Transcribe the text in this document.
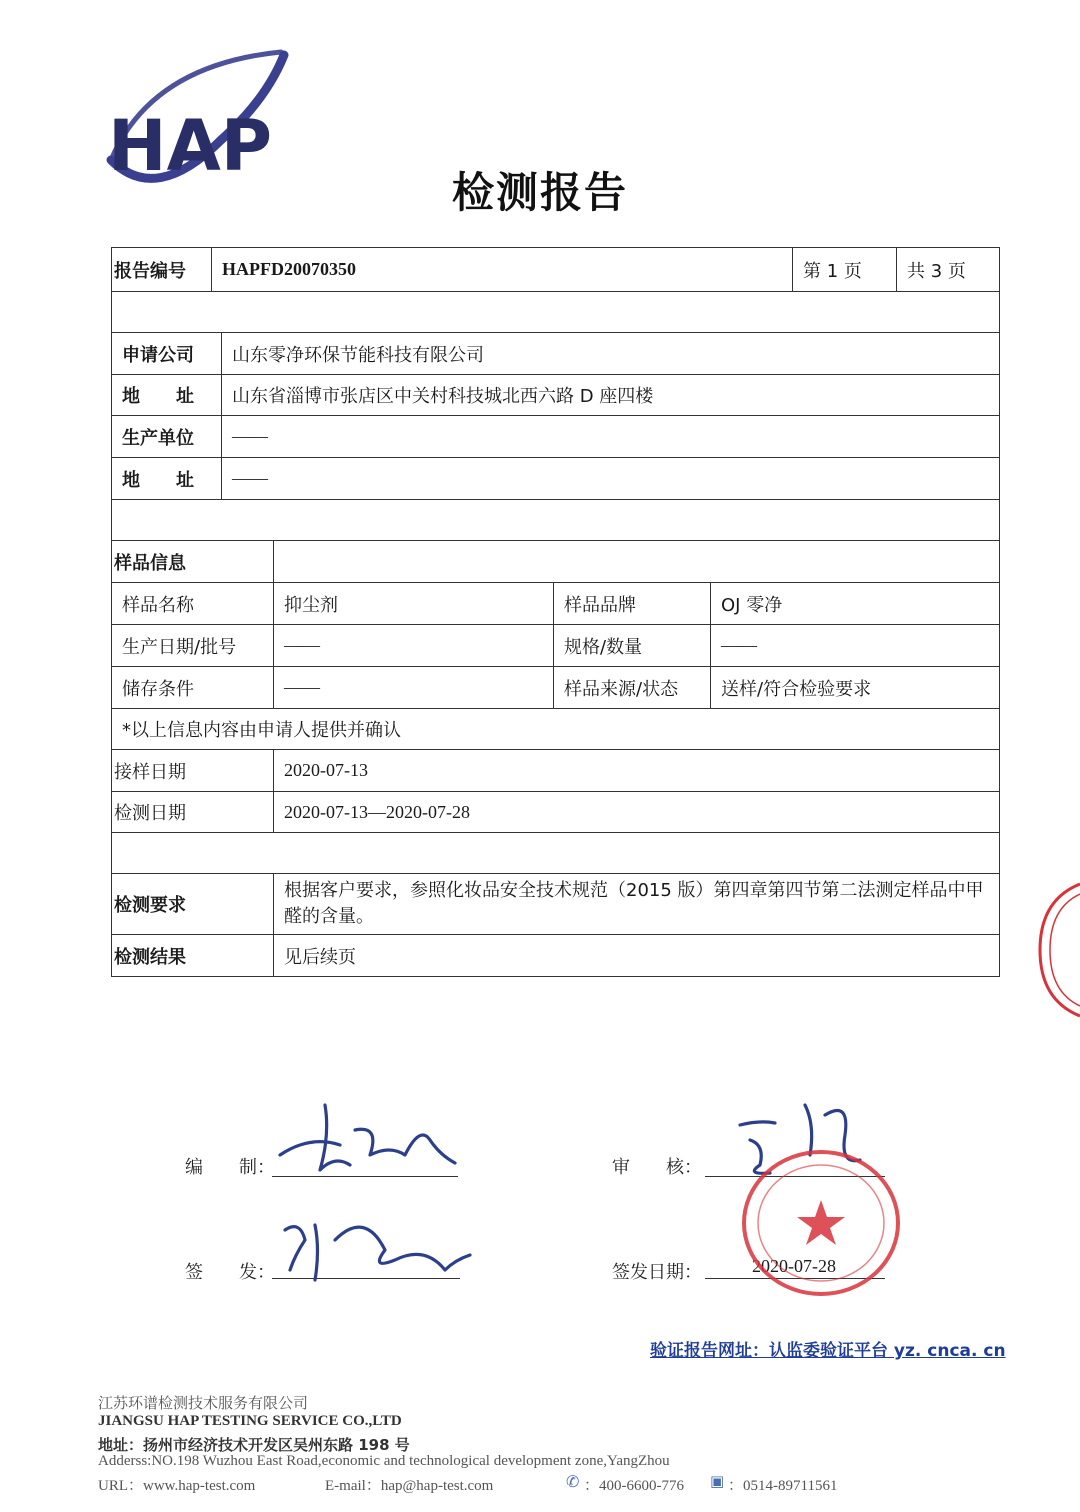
HAP
检测报告
报告编号	HAPFD20070350					第 1 页	共 3 页

申请公司		山东零净环保节能科技有限公司					
地　　址		山东省淄博市张店区中关村科技城北西六路 D 座四楼					
生产单位		——					
地　　址		——					

样品信息							
样品名称			抑尘剂	样品品牌	OJ 零净		
生产日期/批号			——	规格/数量	——		
储存条件			——	样品来源/状态	送样/符合检验要求		
*以上信息内容由申请人提供并确认							
接样日期			2020-07-13				
检测日期			2020-07-13—2020-07-28				

检测要求			根据客户要求，参照化妆品安全技术规范（2015 版）第四章第四节第二法测定样品中甲醛的含量。				
检测结果			见后续页				
编　　制：	审　　核：
签　　发：	签发日期：	2020-07-28
验证报告网址：认监委验证平台 yz. cnca. cn
江苏环谱检测技术服务有限公司
JIANGSU HAP TESTING SERVICE CO.,LTD
地址：扬州市经济技术开发区吴州东路 198 号
Adderss:NO.198 Wuzhou East Road,economic and technological development zone,YangZhou
URL：www.hap-test.com	E-mail：hap@hap-test.com	✆ ：400-6600-776 ▣ ：0514-89711561
